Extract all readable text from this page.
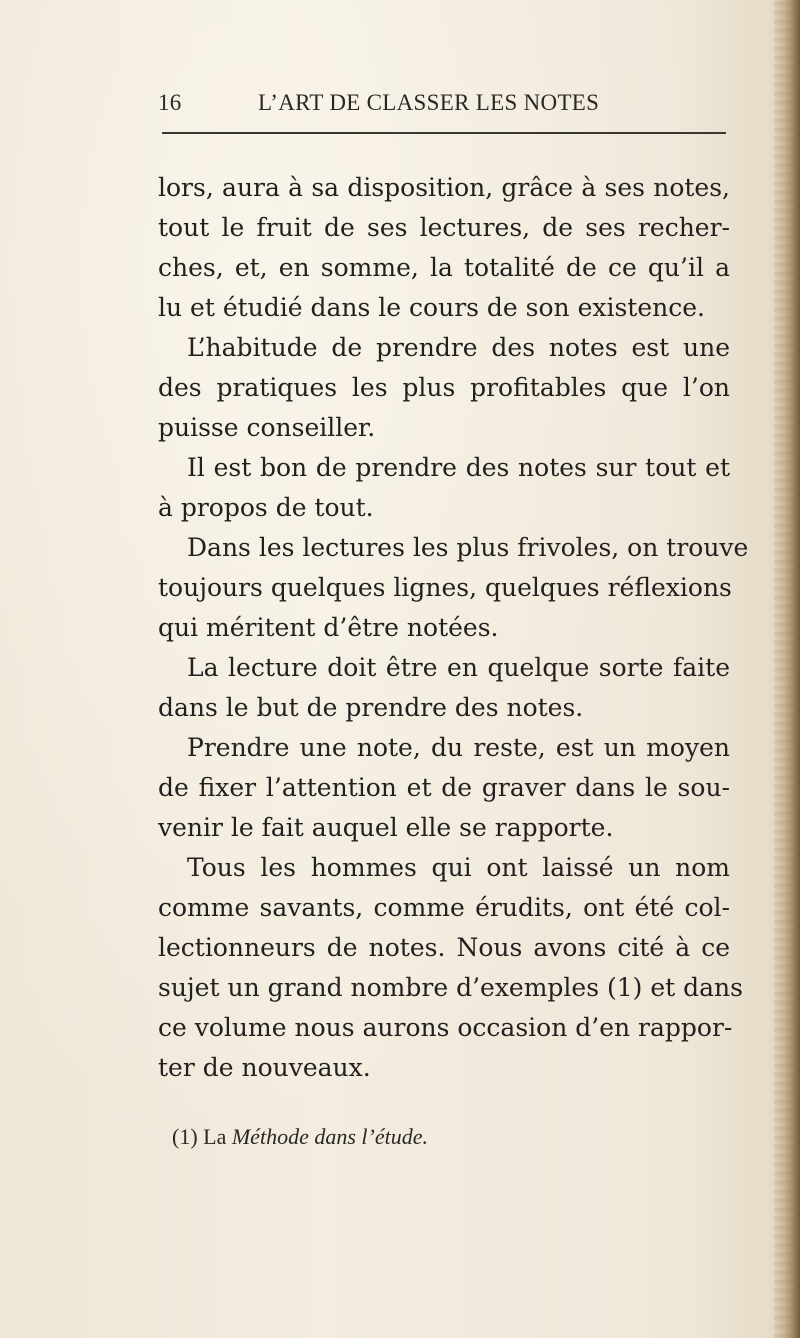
16	L’ART DE CLASSER LES NOTES
lors, aura à sa disposition, grâce à ses notes,
tout le fruit de ses lectures, de ses recher-
ches, et, en somme, la totalité de ce qu’il a
lu et étudié dans le cours de son existence.
L’habitude de prendre des notes est une
des pratiques les plus profitables que l’on
puisse conseiller.
Il est bon de prendre des notes sur tout et
à propos de tout.
Dans les lectures les plus frivoles, on trouve
toujours quelques lignes, quelques réflexions
qui méritent d’être notées.
La lecture doit être en quelque sorte faite
dans le but de prendre des notes.
Prendre une note, du reste, est un moyen
de fixer l’attention et de graver dans le sou-
venir le fait auquel elle se rapporte.
Tous les hommes qui ont laissé un nom
comme savants, comme érudits, ont été col-
lectionneurs de notes. Nous avons cité à ce
sujet un grand nombre d’exemples (1) et dans
ce volume nous aurons occasion d’en rappor-
ter de nouveaux.
(1) La Méthode dans l’étude.
